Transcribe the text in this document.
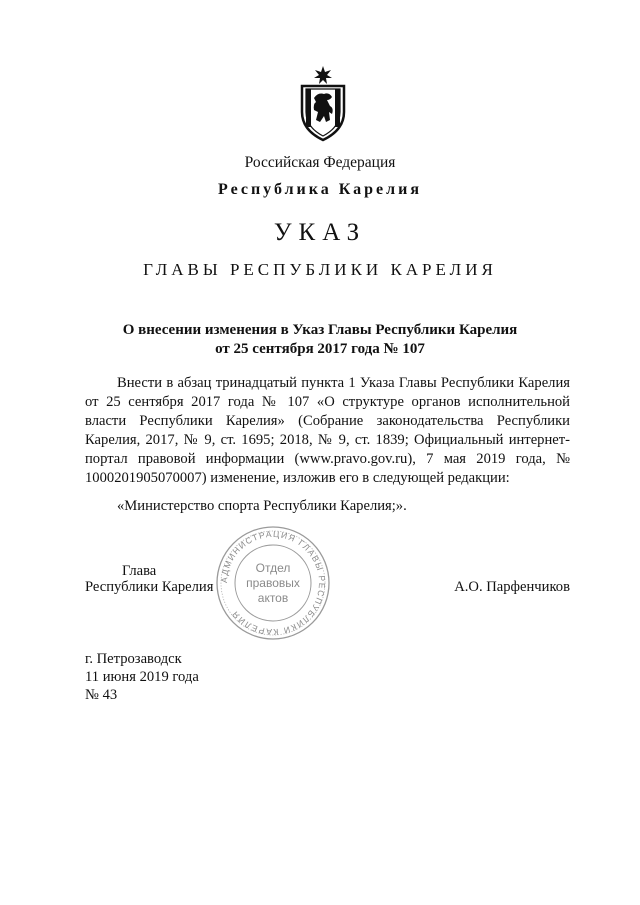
Российская Федерация
Республика Карелия
УКАЗ
ГЛАВЫ РЕСПУБЛИКИ КАРЕЛИЯ
О внесении изменения в Указ Главы Республики Карелия
от 25 сентября 2017 года № 107

Внести в абзац тринадцатый пункта 1 Указа Главы Республики Карелия от 25 сентября 2017 года № 107 «О структуре органов исполнительной власти Республики Карелия» (Собрание законодательства Республики Карелия, 2017, № 9, ст. 1695; 2018, № 9, ст. 1839; Официальный интернет-портал правовой информации (www.pravo.gov.ru), 7 мая 2019 года, № 1000201905070007) изменение, изложив его в следующей редакции:

«Министерство спорта Республики Карелия;».
АДМИНИСТРАЦИЯ ГЛАВЫ РЕСПУБЛИКИ КАРЕЛИЯ
Отдел
правовых
актов
Глава
Республики Карелия	А.О. Парфенчиков
г. Петрозаводск
11 июня 2019 года
№ 43
